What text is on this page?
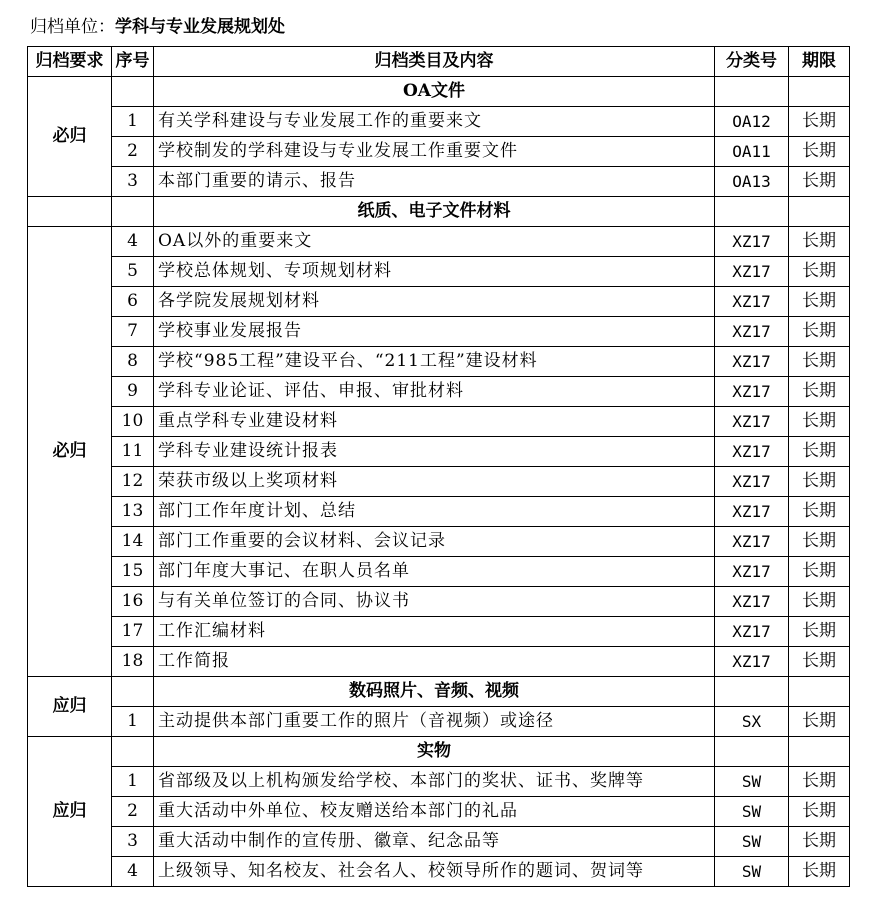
归档单位：学科与专业发展规划处
归档要求	序号	归档类目及内容	分类号	期限
必归		OA文件		
	1	有关学科建设与专业发展工作的重要来文	OA12	长期
	2	学校制发的学科建设与专业发展工作重要文件	OA11	长期
	3	本部门重要的请示、报告	OA13	长期
		纸质、电子文件材料		
必归	4	OA以外的重要来文	XZ17	长期
	5	学校总体规划、专项规划材料	XZ17	长期
	6	各学院发展规划材料	XZ17	长期
	7	学校事业发展报告	XZ17	长期
	8	学校“985工程”建设平台、“211工程”建设材料	XZ17	长期
	9	学科专业论证、评估、申报、审批材料	XZ17	长期
	10	重点学科专业建设材料	XZ17	长期
	11	学科专业建设统计报表	XZ17	长期
	12	荣获市级以上奖项材料	XZ17	长期
	13	部门工作年度计划、总结	XZ17	长期
	14	部门工作重要的会议材料、会议记录	XZ17	长期
	15	部门年度大事记、在职人员名单	XZ17	长期
	16	与有关单位签订的合同、协议书	XZ17	长期
	17	工作汇编材料	XZ17	长期
	18	工作简报	XZ17	长期
应归		数码照片、音频、视频		
	1	主动提供本部门重要工作的照片（音视频）或途径	SX	长期
应归		实物		
	1	省部级及以上机构颁发给学校、本部门的奖状、证书、奖牌等	SW	长期
	2	重大活动中外单位、校友赠送给本部门的礼品	SW	长期
	3	重大活动中制作的宣传册、徽章、纪念品等	SW	长期
	4	上级领导、知名校友、社会名人、校领导所作的题词、贺词等	SW	长期
